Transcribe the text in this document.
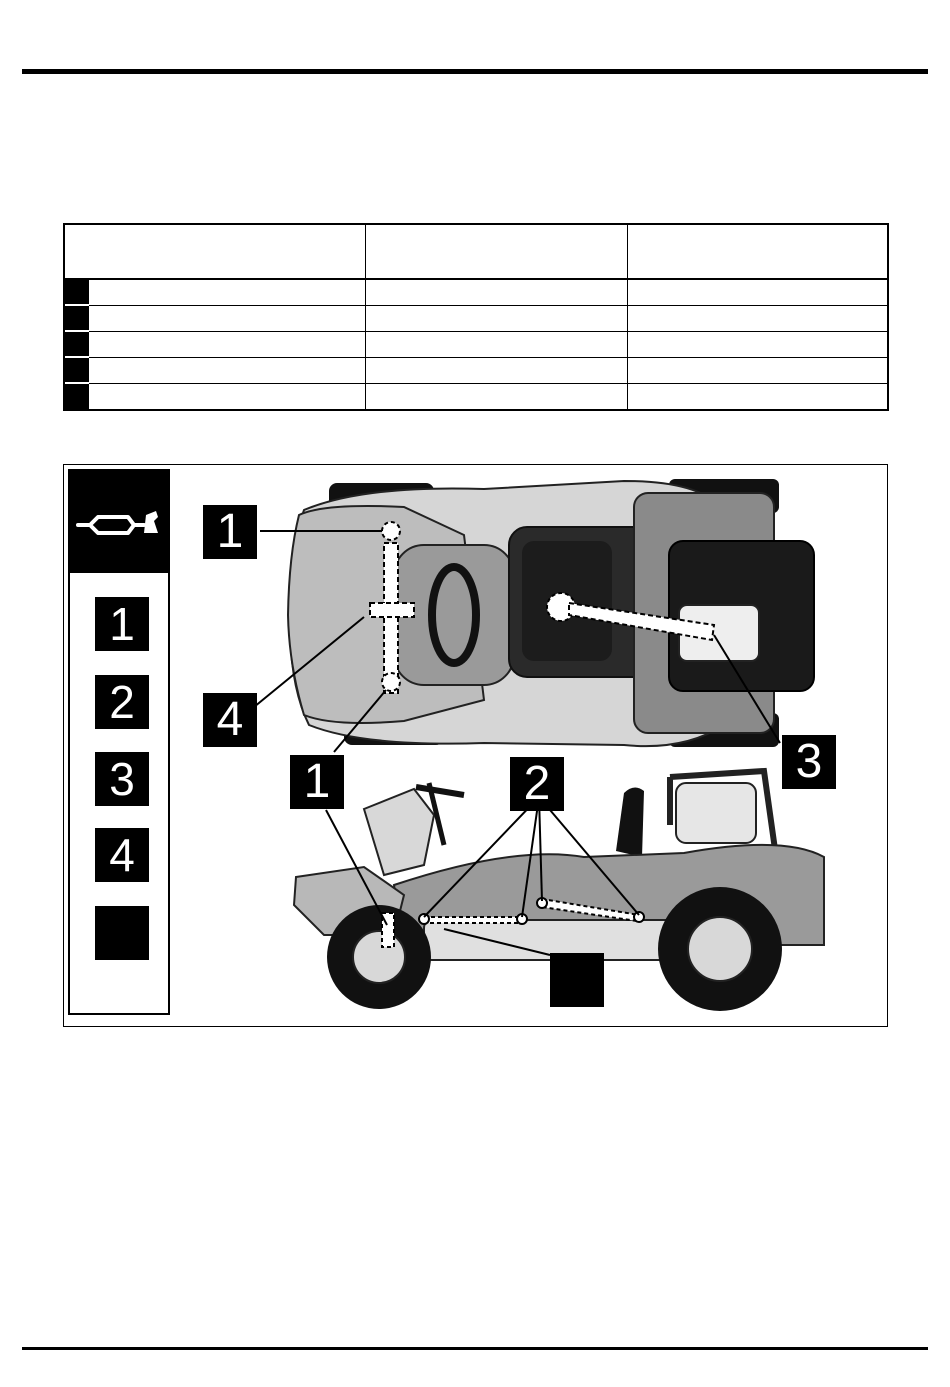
1
2
3
4
1
4
3
1	2
